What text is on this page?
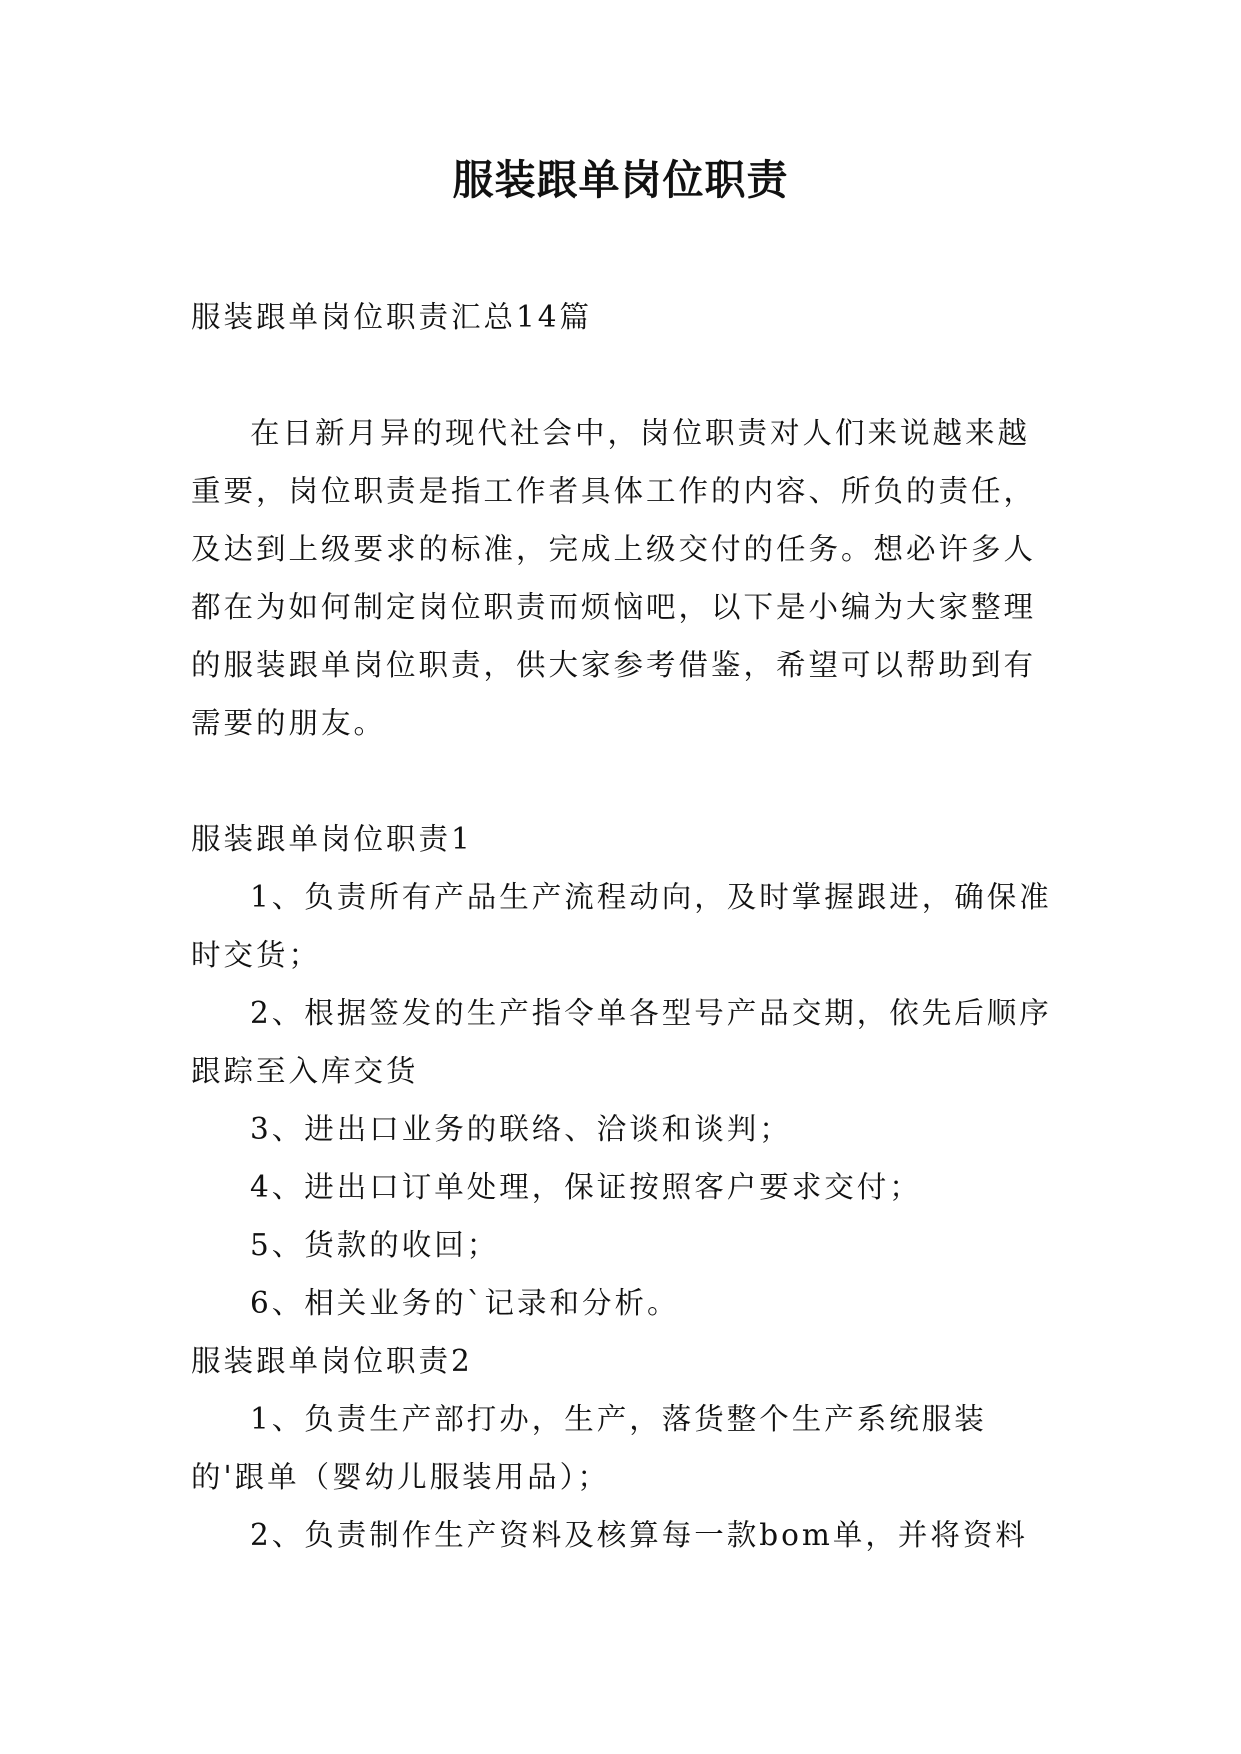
服装跟单岗位职责

服装跟单岗位职责汇总14篇

在日新月异的现代社会中，岗位职责对人们来说越来越重要，岗位职责是指工作者具体工作的内容、所负的责任，及达到上级要求的标准，完成上级交付的任务。想必许多人都在为如何制定岗位职责而烦恼吧，以下是小编为大家整理的服装跟单岗位职责，供大家参考借鉴，希望可以帮助到有需要的朋友。

服装跟单岗位职责1

1、负责所有产品生产流程动向，及时掌握跟进，确保准时交货；

2、根据签发的生产指令单各型号产品交期，依先后顺序跟踪至入库交货

3、进出口业务的联络、洽谈和谈判；

4、进出口订单处理，保证按照客户要求交付；

5、货款的收回；

6、相关业务的`记录和分析。

服装跟单岗位职责2

1、负责生产部打办，生产，落货整个生产系统服装的'跟单（婴幼儿服装用品）；

2、负责制作生产资料及核算每一款bom单，并将资料
